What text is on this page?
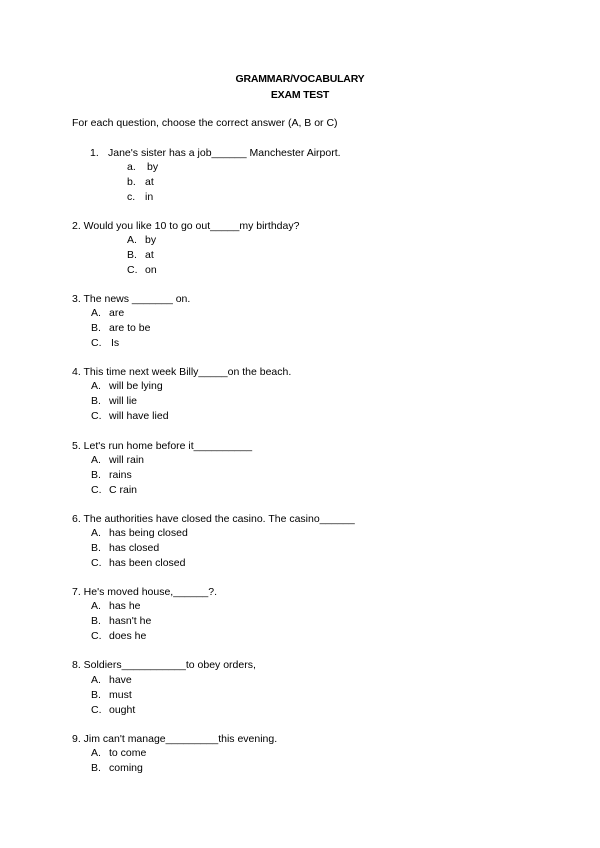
GRAMMAR/VOCABULARY
EXAM TEST
For each question, choose the correct answer (A, B or C)
1. Jane's sister has a job______ Manchester Airport.
a. by
b. at
c. in
2. Would you like 10 to go out_____my birthday?
A. by
B. at
C. on
3. The news _______ on.
A. are
B. are to be
C. Is
4. This time next week Billy_____on the beach.
A. will be lying
B. will lie
C. will have lied
5. Let's run home before it__________
A. will rain
B. rains
C. C rain
6. The authorities have closed the casino. The casino______
A. has being closed
B. has closed
C. has been closed
7. He's moved house,______?.
A. has he
B. hasn't he
C. does he
8. Soldiers___________to obey orders,
A. have
B. must
C. ought
9. Jim can't manage_________this evening.
A. to come
B. coming
